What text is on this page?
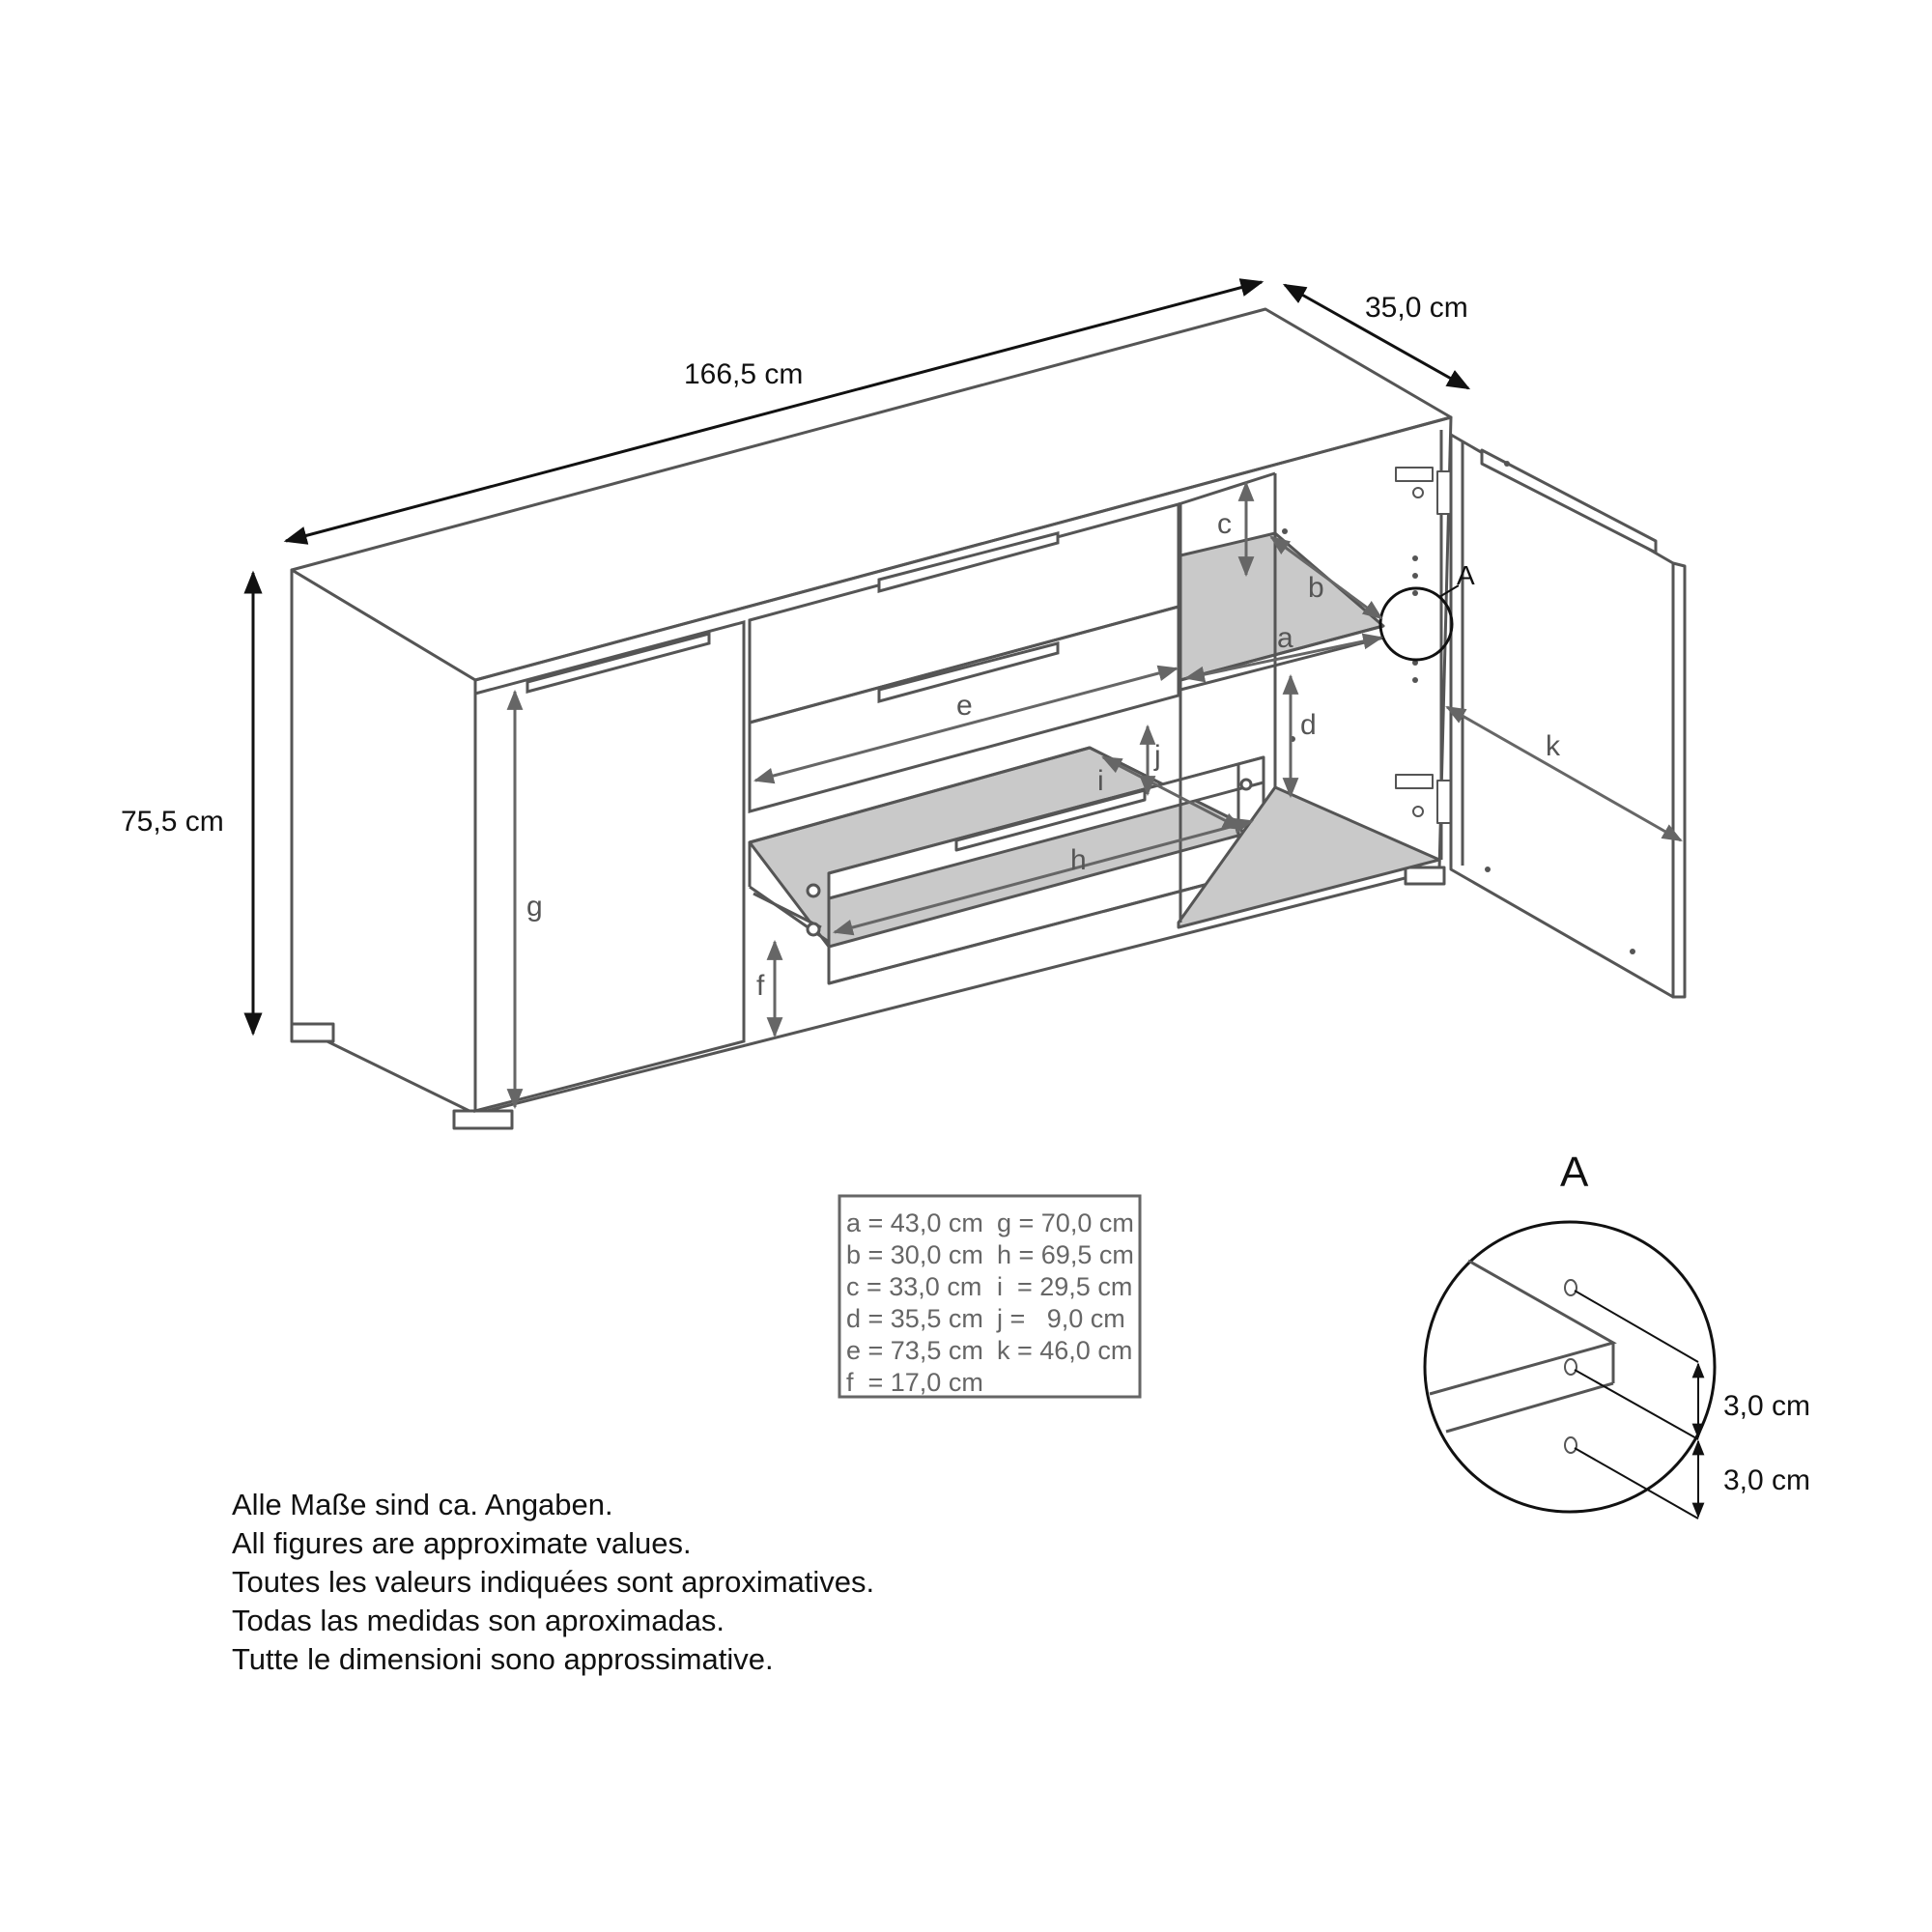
A
166,5 cm
35,0 cm
75,5 cm
a
b
c
d
e
f
g
h
i
j	k
a = 43,0 cm g = 70,0 cm
b = 30,0 cm h = 69,5 cm
c = 33,0 cm i  = 29,5 cm
d = 35,5 cm j =   9,0 cm
e = 73,5 cm k = 46,0 cm
f  = 17,0 cm
A
3,0 cm
3,0 cm
Alle Maße sind ca. Angaben.
All figures are approximate values.
Toutes les valeurs indiquées sont aproximatives.
Todas las medidas son aproximadas.
Tutte le dimensioni sono approssimative.
